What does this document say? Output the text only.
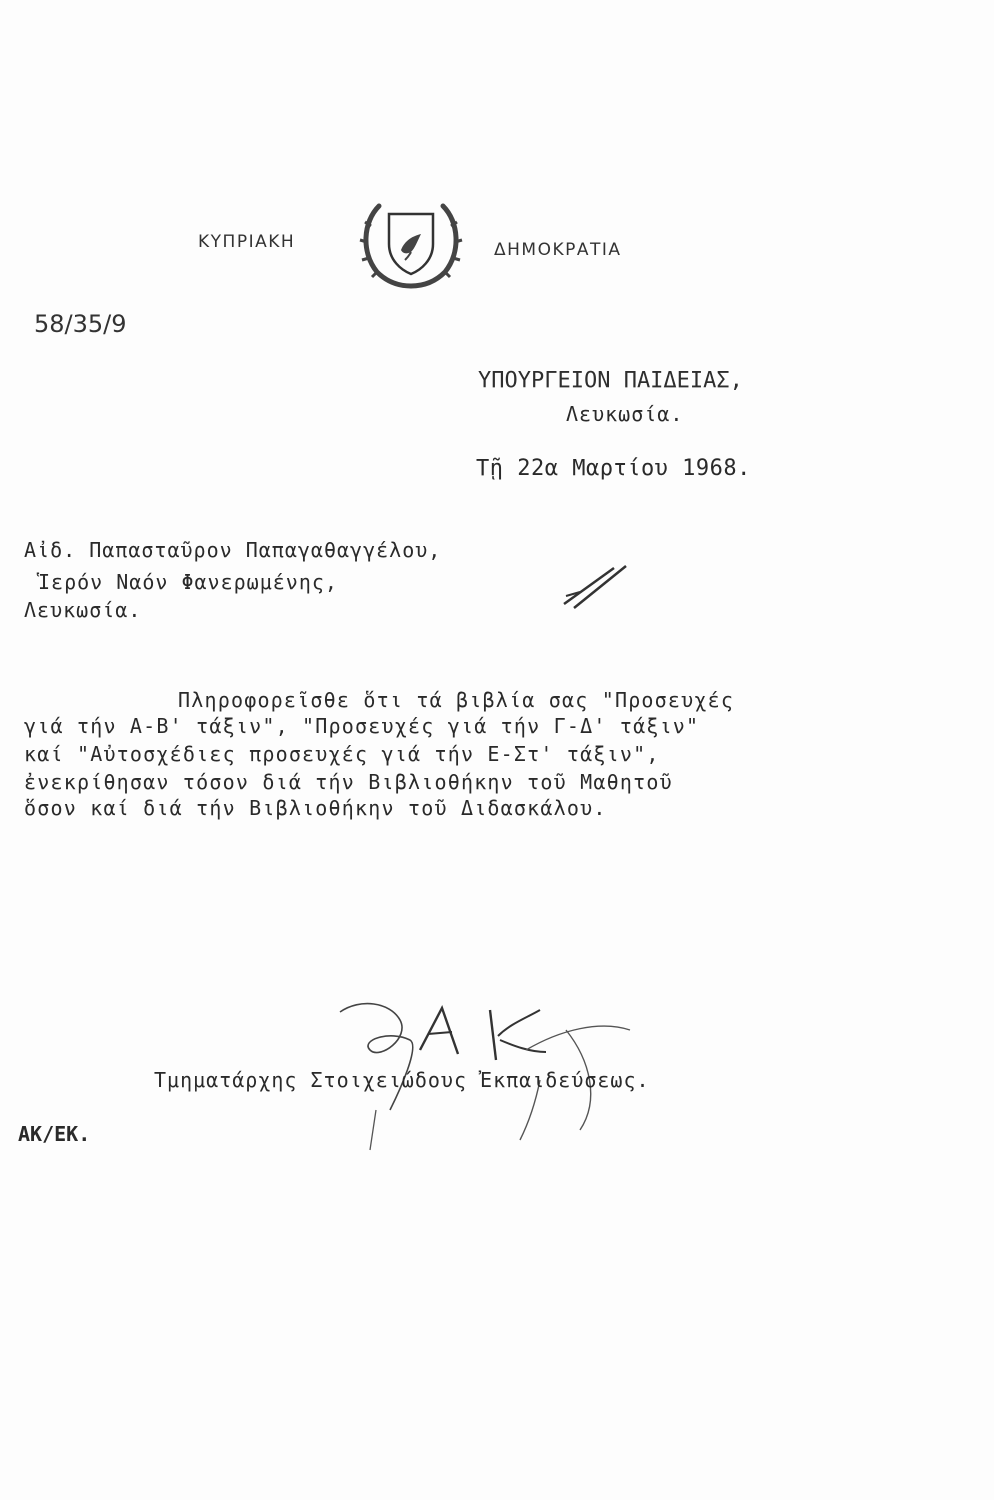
ΚΥΠΡΙΑΚΗ	ΔΗΜΟΚΡΑΤΙΑ
58/35/9
ΥΠΟΥΡΓΕΙΟΝ ΠΑΙΔΕΙΑΣ,
Λευκωσία.
Τῇ 22α Μαρτίου 1968.
Αἰδ. Παπασταῦρον Παπαγαθαγγέλου,
Ἱερόν Ναόν Φανερωμένης,
Λευκωσία.
Πληροφορεῖσθε ὅτι τά βιβλία σας "Προσευχές
γιά τήν Α-Β' τάξιν", "Προσευχές γιά τήν Γ-Δ' τάξιν"
καί "Αὐτοσχέδιες προσευχές γιά τήν Ε-Στ' τάξιν",
ἐνεκρίθησαν τόσον διά τήν Βιβλιοθήκην τοῦ Μαθητοῦ
ὅσον καί διά τήν Βιβλιοθήκην τοῦ Διδασκάλου.
Τμηματάρχης Στοιχειώδους Ἐκπαιδεύσεως.
ΑΚ/ΕΚ.
